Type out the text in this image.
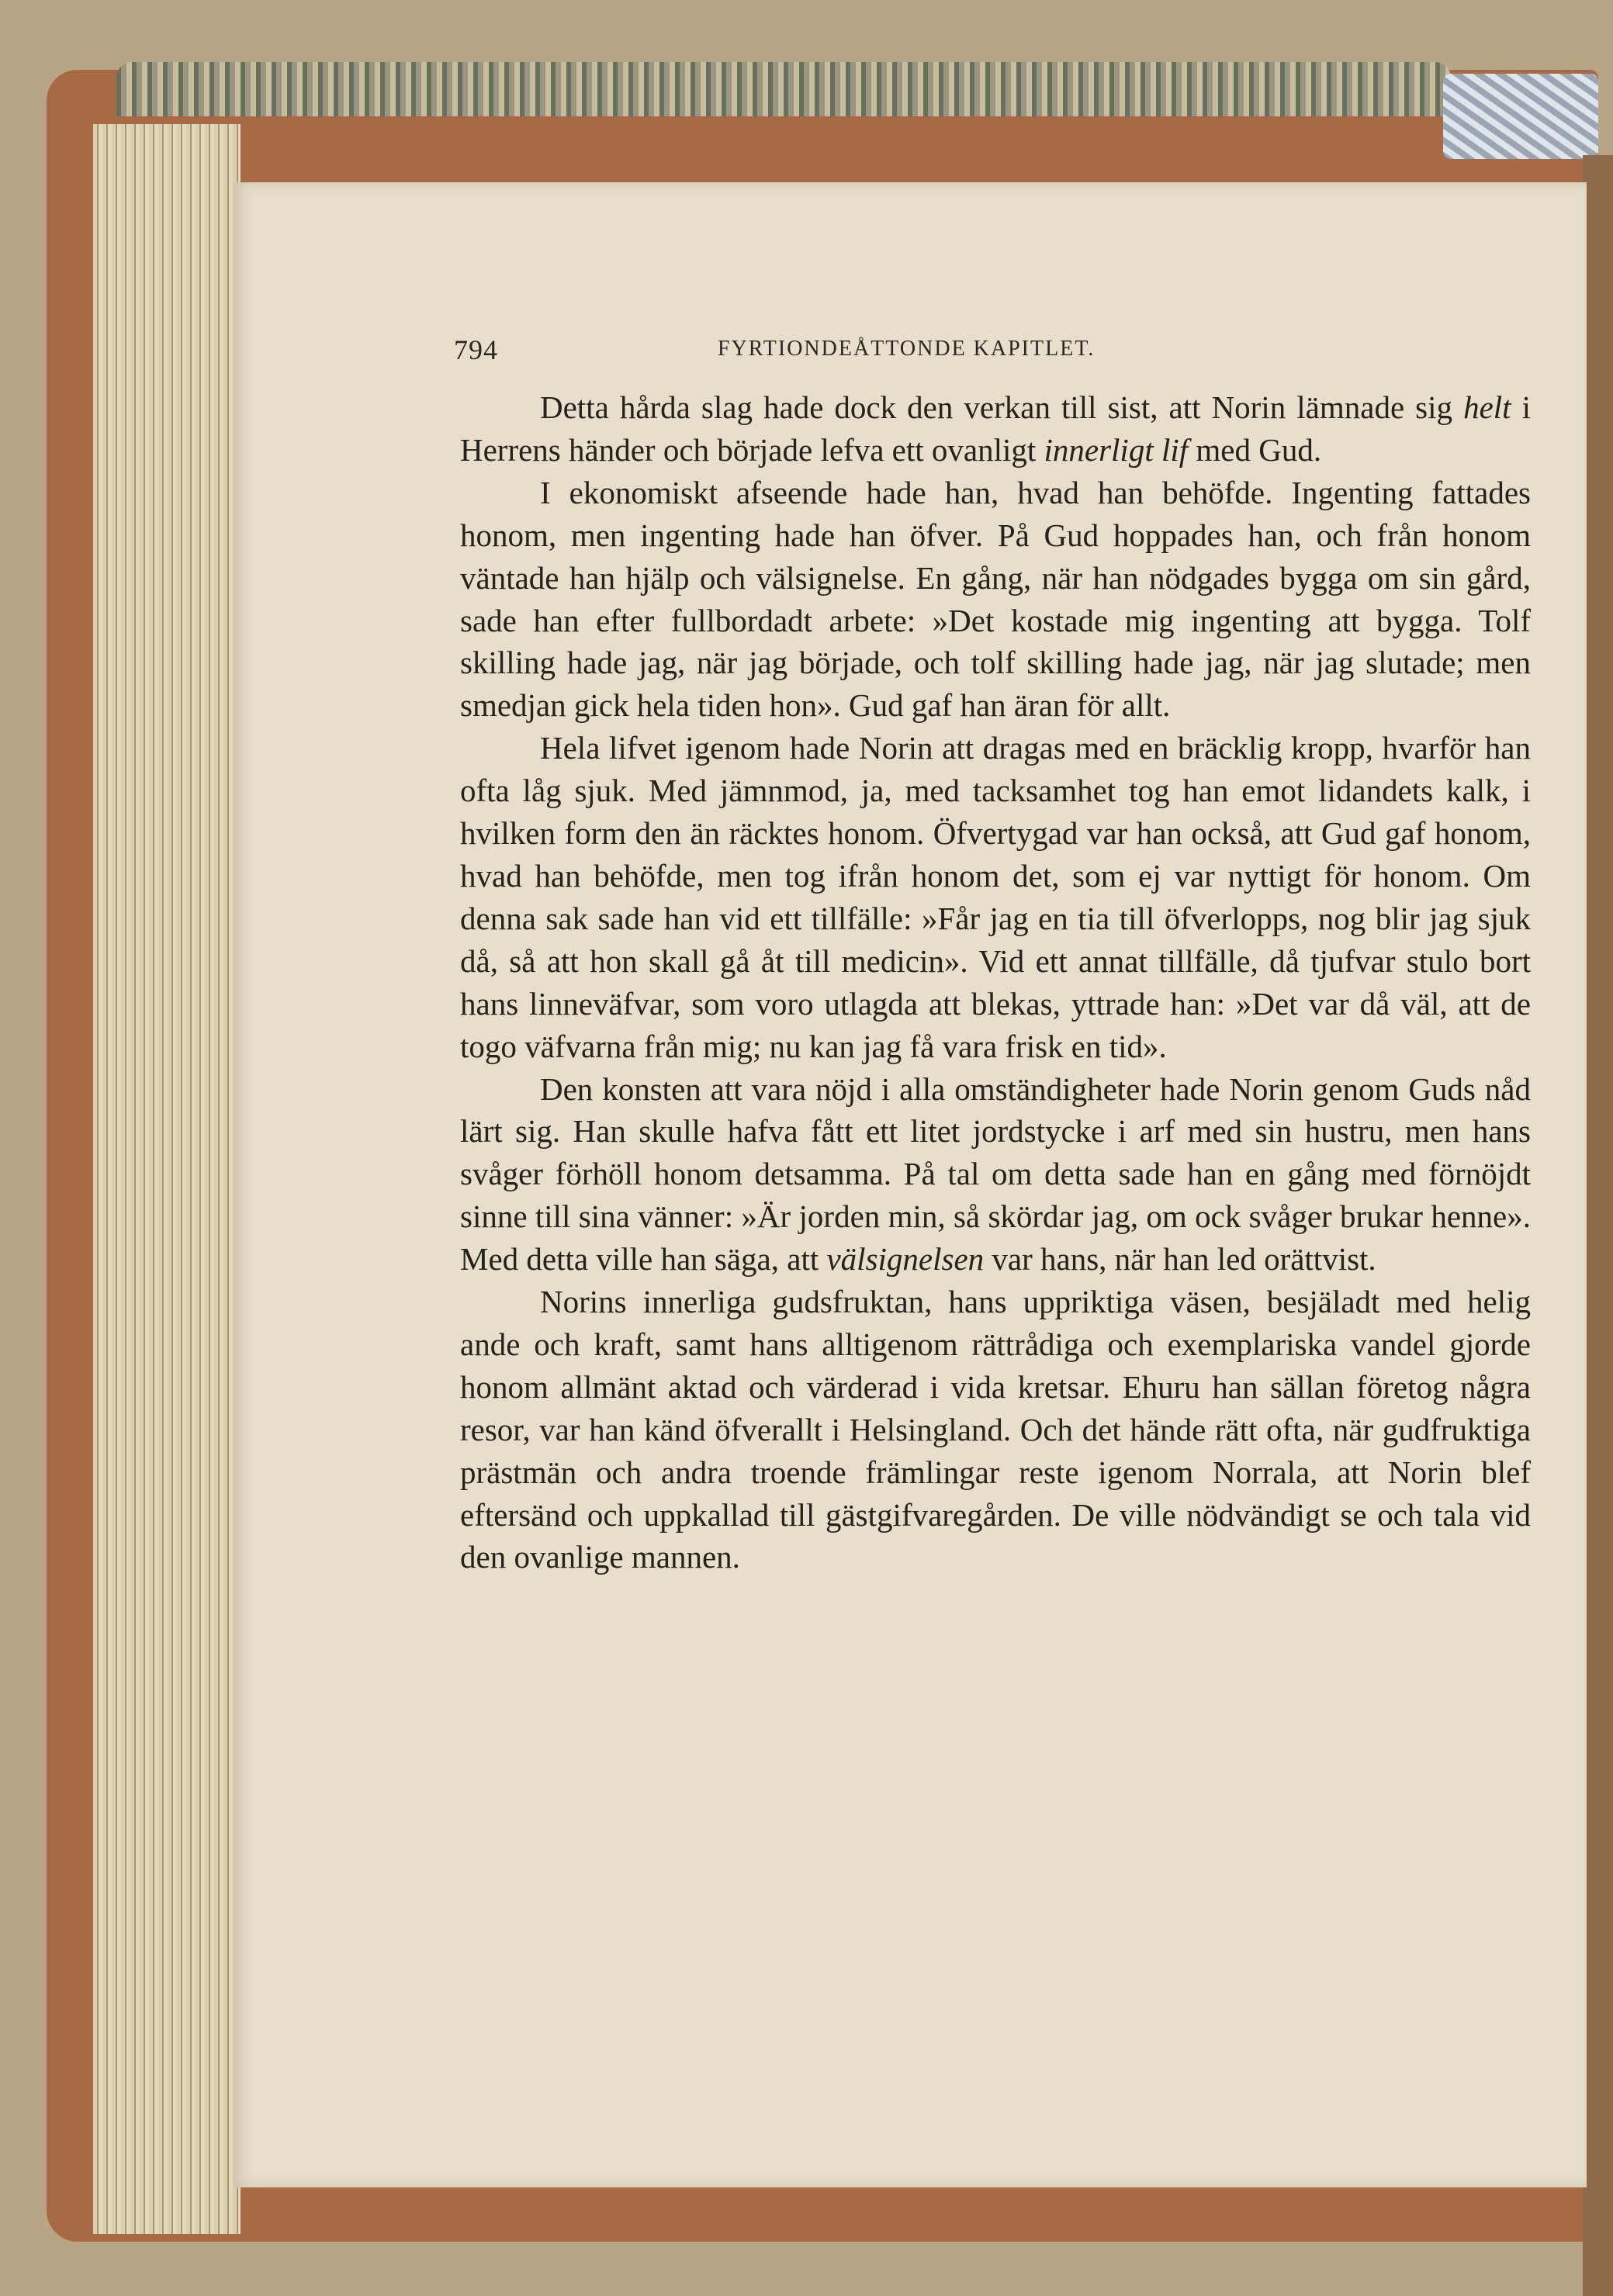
794	FYRTIONDEÅTTONDE KAPITLET.

Detta hårda slag hade dock den verkan till sist, att Norin lämnade sig helt i Herrens händer och började lefva ett ovanligt innerligt lif med Gud.

I ekonomiskt afseende hade han, hvad han behöfde. Ingenting fattades honom, men ingenting hade han öfver. På Gud hoppades han, och från honom väntade han hjälp och välsignelse. En gång, när han nödgades bygga om sin gård, sade han efter fullbordadt arbete: »Det kostade mig ingenting att bygga. Tolf skilling hade jag, när jag började, och tolf skilling hade jag, när jag slutade; men smedjan gick hela tiden hon». Gud gaf han äran för allt.

Hela lifvet igenom hade Norin att dragas med en bräcklig kropp, hvarför han ofta låg sjuk. Med jämnmod, ja, med tacksamhet tog han emot lidandets kalk, i hvilken form den än räcktes honom. Öfvertygad var han också, att Gud gaf honom, hvad han behöfde, men tog ifrån honom det, som ej var nyttigt för honom. Om denna sak sade han vid ett tillfälle: »Får jag en tia till öfverlopps, nog blir jag sjuk då, så att hon skall gå åt till medicin». Vid ett annat tillfälle, då tjufvar stulo bort hans linneväfvar, som voro utlagda att blekas, yttrade han: »Det var då väl, att de togo väfvarna från mig; nu kan jag få vara frisk en tid».

Den konsten att vara nöjd i alla omständigheter hade Norin genom Guds nåd lärt sig. Han skulle hafva fått ett litet jordstycke i arf med sin hustru, men hans svåger förhöll honom detsamma. På tal om detta sade han en gång med förnöjdt sinne till sina vänner: »Är jorden min, så skördar jag, om ock svåger brukar henne». Med detta ville han säga, att välsignelsen var hans, när han led orättvist.

Norins innerliga gudsfruktan, hans uppriktiga väsen, besjäladt med helig ande och kraft, samt hans alltigenom rättrådiga och exemplariska vandel gjorde honom allmänt aktad och värderad i vida kretsar. Ehuru han sällan företog några resor, var han känd öfverallt i Helsingland. Och det hände rätt ofta, när gudfruktiga prästmän och andra troende främlingar reste igenom Norrala, att Norin blef eftersänd och uppkallad till gästgifvaregården. De ville nödvändigt se och tala vid den ovanlige mannen.
